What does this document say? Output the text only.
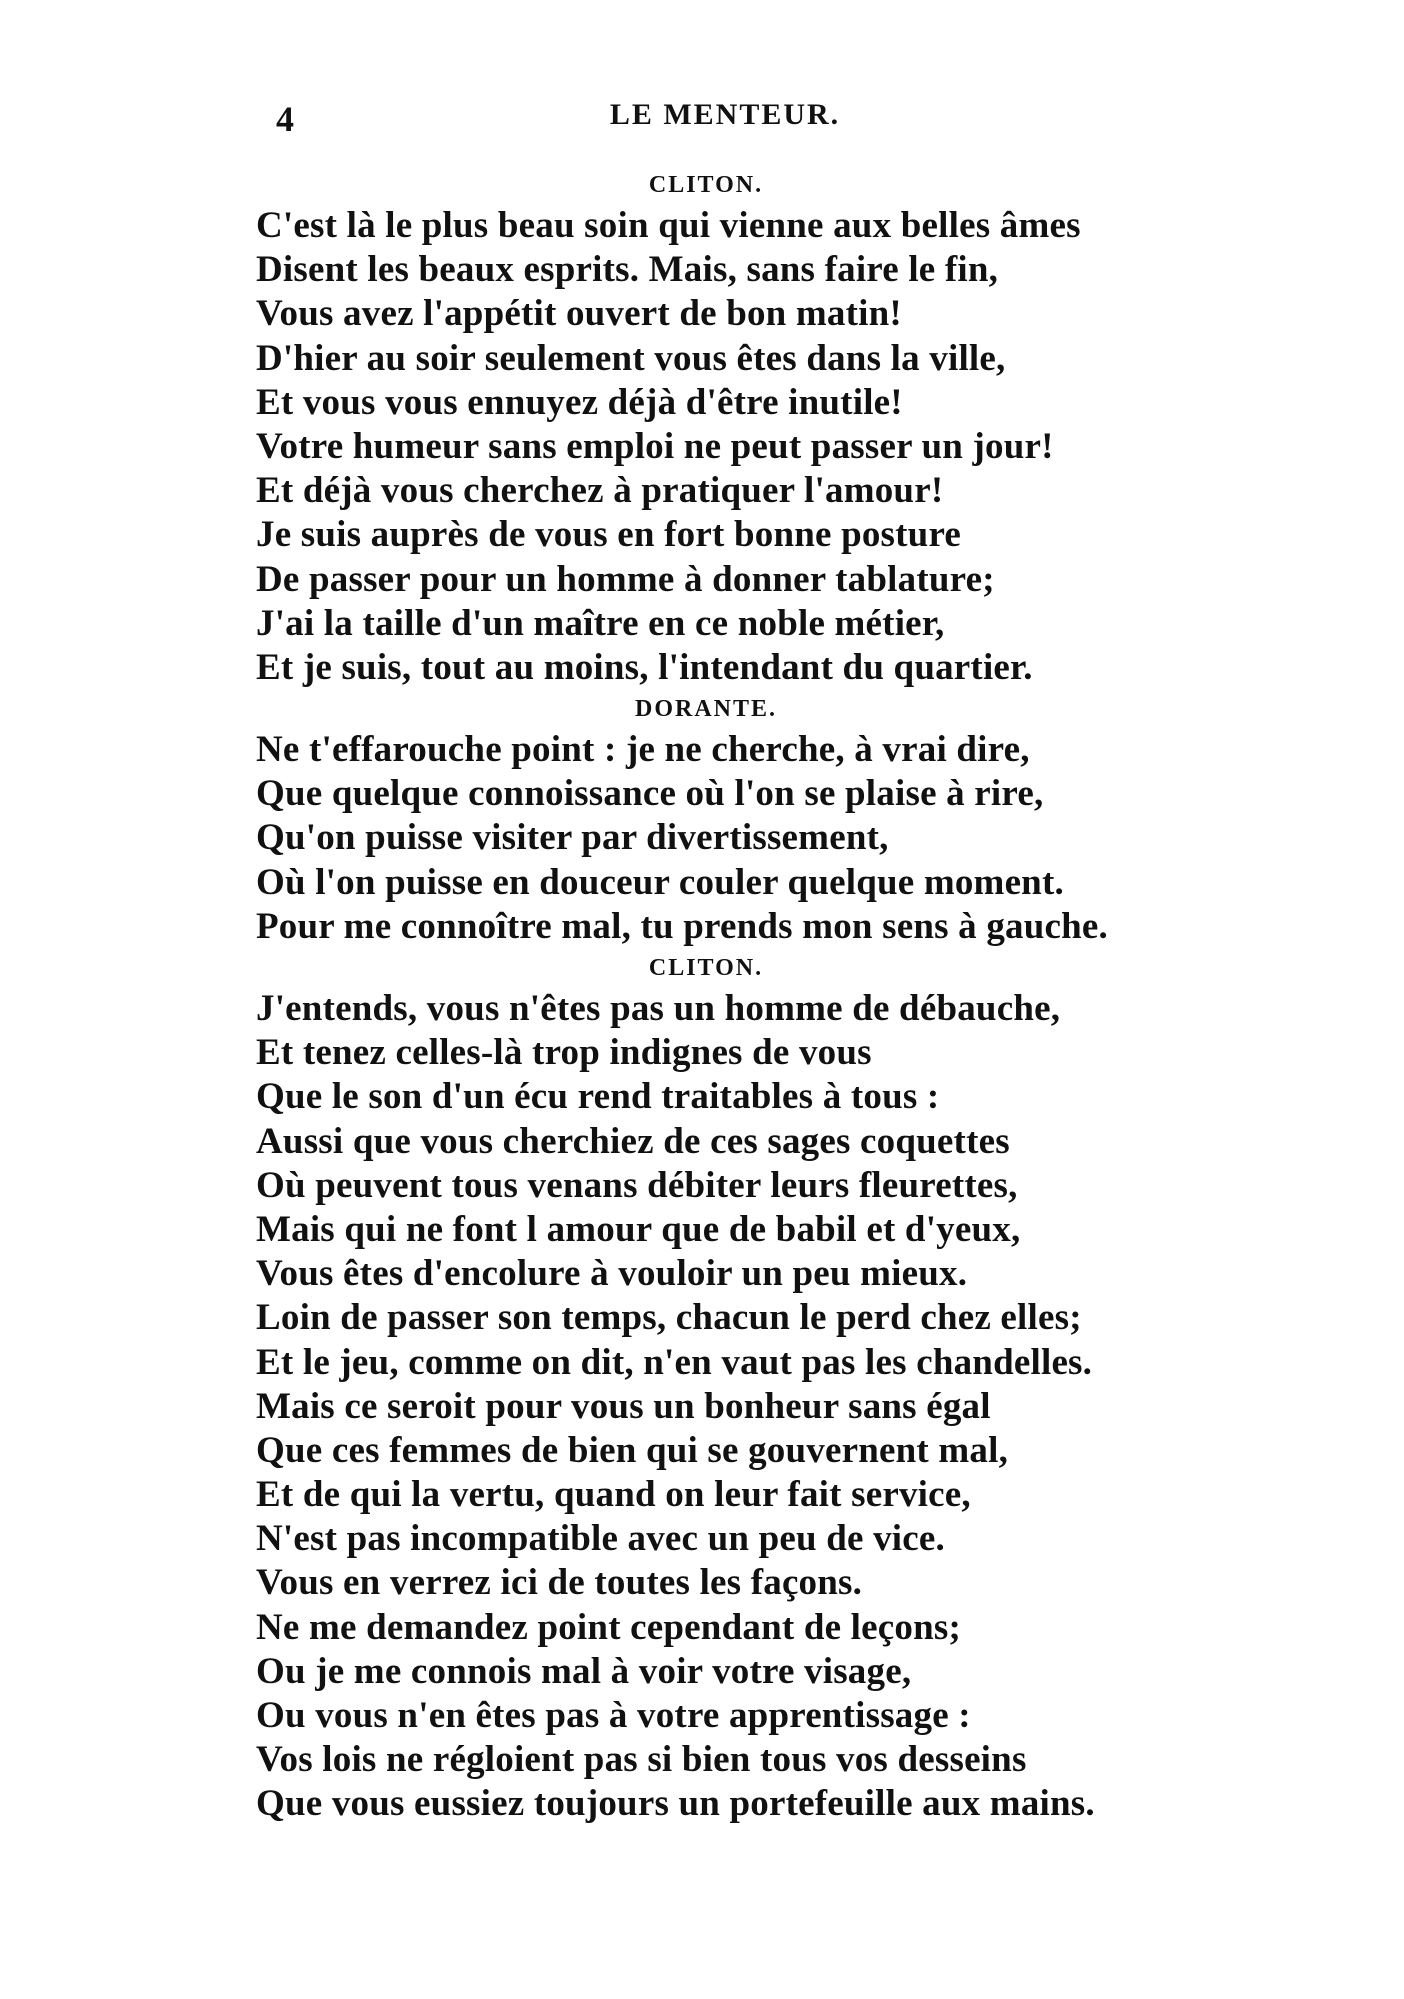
4	LE MENTEUR.
CLITON.
C'est là le plus beau soin qui vienne aux belles âmes
Disent les beaux esprits. Mais, sans faire le fin,
Vous avez l'appétit ouvert de bon matin!
D'hier au soir seulement vous êtes dans la ville,
Et vous vous ennuyez déjà d'être inutile!
Votre humeur sans emploi ne peut passer un jour!
Et déjà vous cherchez à pratiquer l'amour!
Je suis auprès de vous en fort bonne posture
De passer pour un homme à donner tablature;
J'ai la taille d'un maître en ce noble métier,
Et je suis, tout au moins, l'intendant du quartier.
DORANTE.
Ne t'effarouche point : je ne cherche, à vrai dire,
Que quelque connoissance où l'on se plaise à rire,
Qu'on puisse visiter par divertissement,
Où l'on puisse en douceur couler quelque moment.
Pour me connoître mal, tu prends mon sens à gauche.
CLITON.
J'entends, vous n'êtes pas un homme de débauche,
Et tenez celles-là trop indignes de vous
Que le son d'un écu rend traitables à tous :
Aussi que vous cherchiez de ces sages coquettes
Où peuvent tous venans débiter leurs fleurettes,
Mais qui ne font l amour que de babil et d'yeux,
Vous êtes d'encolure à vouloir un peu mieux.
Loin de passer son temps, chacun le perd chez elles;
Et le jeu, comme on dit, n'en vaut pas les chandelles.
Mais ce seroit pour vous un bonheur sans égal
Que ces femmes de bien qui se gouvernent mal,
Et de qui la vertu, quand on leur fait service,
N'est pas incompatible avec un peu de vice.
Vous en verrez ici de toutes les façons.
Ne me demandez point cependant de leçons;
Ou je me connois mal à voir votre visage,
Ou vous n'en êtes pas à votre apprentissage :
Vos lois ne régloient pas si bien tous vos desseins
Que vous eussiez toujours un portefeuille aux mains.
